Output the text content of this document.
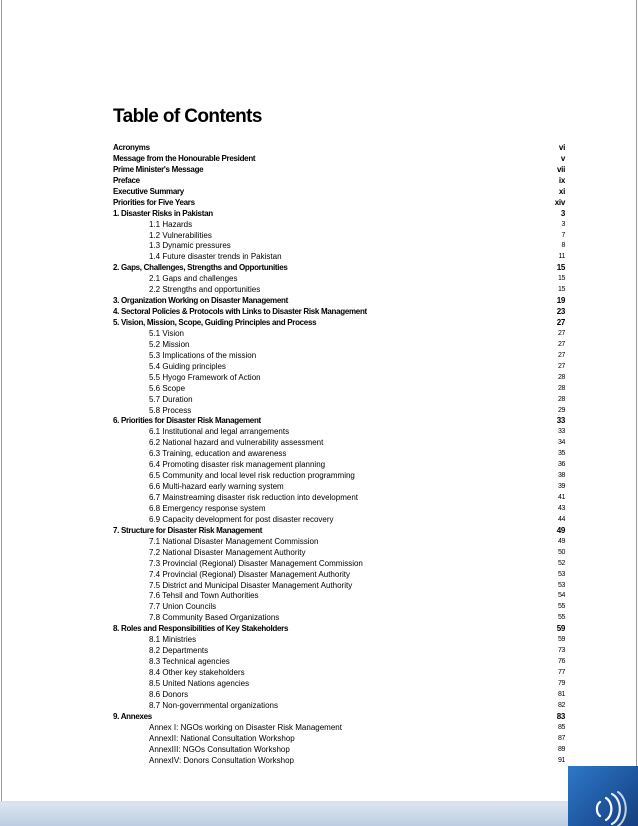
Table of Contents
Acronyms	vi
Message from the Honourable President	v
Prime Minister's Message	vii
Preface	ix
Executive Summary	xi
Priorities for Five Years	xiv
1. Disaster Risks in Pakistan	3
1.1 Hazards	3
1.2 Vulnerabilities	7
1.3 Dynamic pressures	8
1.4 Future disaster trends in Pakistan	11
2. Gaps, Challenges, Strengths and Opportunities	15
2.1 Gaps and challenges	15
2.2 Strengths and opportunities	15
3. Organization Working on Disaster Management	19
4. Sectoral Policies & Protocols with Links to Disaster Risk Management	23
5. Vision, Mission, Scope, Guiding Principles and Process	27
5.1 Vision	27
5.2 Mission	27
5.3 Implications of the mission	27
5.4 Guiding principles	27
5.5 Hyogo Framework of Action	28
5.6 Scope	28
5.7 Duration	28
5.8 Process	29
6. Priorities for Disaster Risk Management	33
6.1 Institutional and legal arrangements	33
6.2 National hazard and vulnerability assessment	34
6.3 Training, education and awareness	35
6.4 Promoting disaster risk management planning	36
6.5 Community and local level risk reduction programming	38
6.6 Multi-hazard early warning system	39
6.7 Mainstreaming disaster risk reduction into development	41
6.8 Emergency response system	43
6.9 Capacity development for post disaster recovery	44
7. Structure for Disaster Risk Management	49
7.1 National Disaster Management Commission	49
7.2 National Disaster Management Authority	50
7.3 Provincial (Regional) Disaster Management Commission	52
7.4 Provincial (Regional) Disaster Management Authority	53
7.5 District and Municipal Disaster Management Authority	53
7.6 Tehsil and Town Authorities	54
7.7 Union Councils	55
7.8 Community Based Organizations	55
8. Roles and Responsibilities of Key Stakeholders	59
8.1 Ministries	59
8.2 Departments	73
8.3 Technical agencies	76
8.4 Other key stakeholders	77
8.5 United Nations agencies	79
8.6 Donors	81
8.7 Non-governmental organizations	82
9. Annexes	83
Annex I: NGOs working on Disaster Risk Management	85
AnnexII: National Consultation Workshop	87
AnnexIII: NGOs Consultation Workshop	89
AnnexIV: Donors Consultation Workshop	91
